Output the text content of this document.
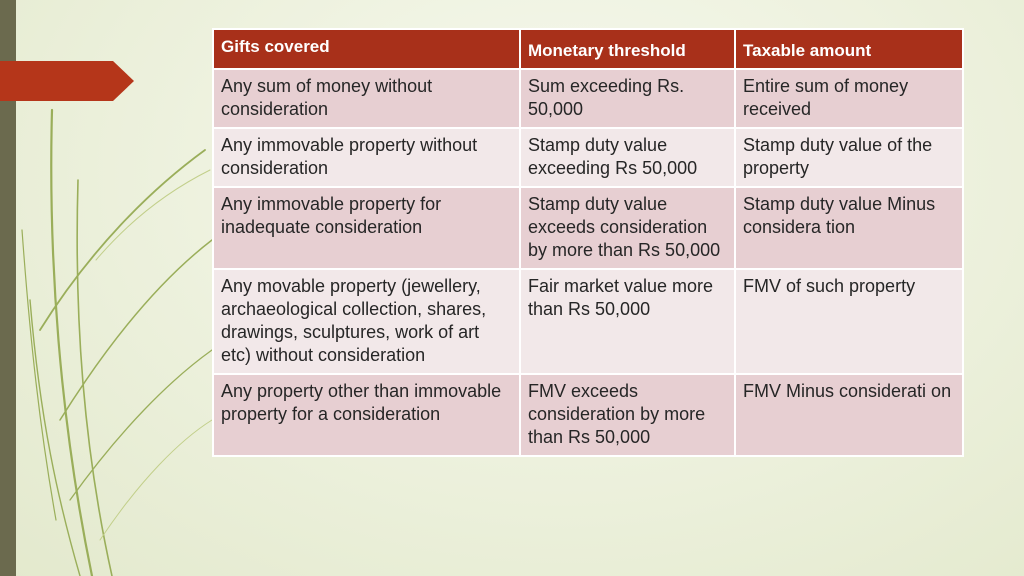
Gifts covered	Monetary threshold	Taxable amount
Any sum of money without consideration	Sum exceeding Rs. 50,000	Entire sum of money received
Any immovable property without consideration	Stamp duty value exceeding Rs 50,000	Stamp duty value of the property
Any immovable property for inadequate consideration	Stamp duty value exceeds consideration by more than Rs 50,000	Stamp duty value Minus considera tion
Any movable property (jewellery, archaeological collection, shares, drawings, sculptures, work of art etc) without consideration	Fair market value more than Rs 50,000	FMV of such property
Any property other than immovable property for a consideration	FMV exceeds consideration by more than Rs 50,000	FMV Minus considerati on
